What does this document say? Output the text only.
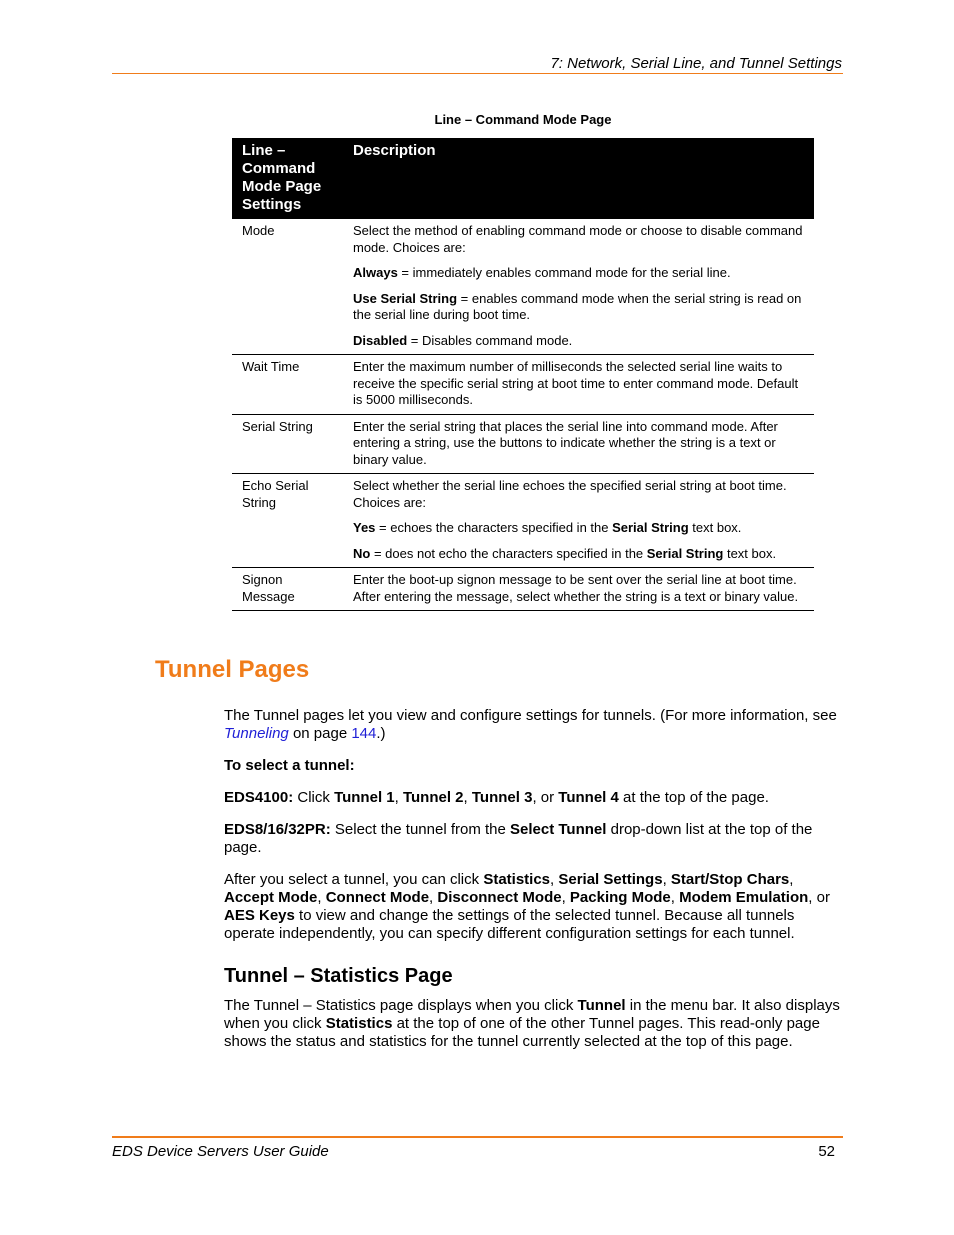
7: Network, Serial Line, and Tunnel Settings
Line – Command Mode Page
Line – Command Mode Page Settings	Description
Mode	Select the method of enabling command mode or choose to disable command mode. Choices are:

Always = immediately enables command mode for the serial line.

Use Serial String = enables command mode when the serial string is read on the serial line during boot time.

Disabled = Disables command mode.

Wait Time	Enter the maximum number of milliseconds the selected serial line waits to receive the specific serial string at boot time to enter command mode. Default is 5000 milliseconds.

Serial String	Enter the serial string that places the serial line into command mode. After entering a string, use the buttons to indicate whether the string is a text or binary value.

Echo Serial String	Select whether the serial line echoes the specified serial string at boot time. Choices are:

Yes = echoes the characters specified in the Serial String text box.

No = does not echo the characters specified in the Serial String text box.

Signon Message	Enter the boot-up signon message to be sent over the serial line at boot time. After entering the message, select whether the string is a text or binary value.

Tunnel Pages

The Tunnel pages let you view and configure settings for tunnels. (For more information, see Tunneling on page 144.)

To select a tunnel:

EDS4100: Click Tunnel 1, Tunnel 2, Tunnel 3, or Tunnel 4 at the top of the page.

EDS8/16/32PR: Select the tunnel from the Select Tunnel drop-down list at the top of the page.

After you select a tunnel, you can click Statistics, Serial Settings, Start/Stop Chars, Accept Mode, Connect Mode, Disconnect Mode, Packing Mode, Modem Emulation, or AES Keys to view and change the settings of the selected tunnel. Because all tunnels operate independently, you can specify different configuration settings for each tunnel.

Tunnel – Statistics Page

The Tunnel – Statistics page displays when you click Tunnel in the menu bar. It also displays when you click Statistics at the top of one of the other Tunnel pages. This read-only page shows the status and statistics for the tunnel currently selected at the top of this page.

EDS Device Servers User Guide	52
